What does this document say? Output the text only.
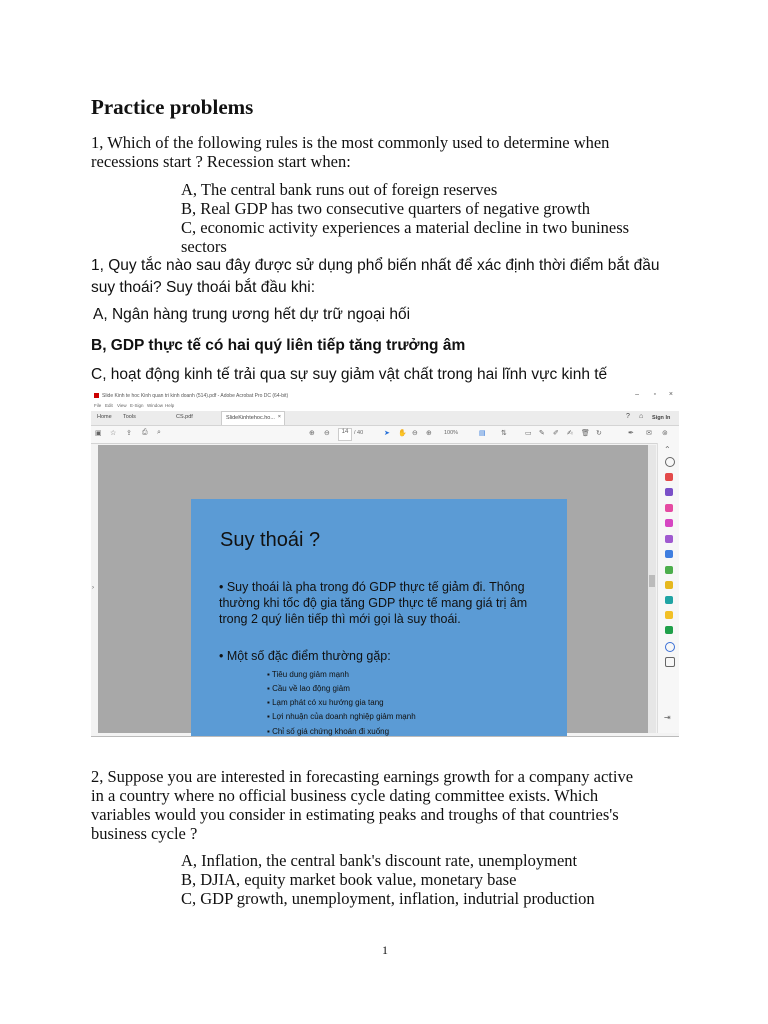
Practice problems
1, Which of the following rules is the most commonly used to determine when
recessions start ? Recession start when:
A, The central bank runs out of foreign reserves
B, Real GDP has two consecutive quarters of negative growth
C, economic activity experiences a material decline in two buniness
sectors
1, Quy tắc nào sau đây được sử dụng phổ biến nhất để xác định thời điểm bắt đầu
suy thoái? Suy thoái bắt đầu khi:
A, Ngân hàng trung ương hết dự trữ ngoại hối
B, GDP thực tế có hai quý liên tiếp tăng trưởng âm
C, hoạt động kinh tế trải qua sự suy giảm vật chất trong hai lĩnh vực kinh tế
Slide Kinh te hoc Kinh quan tri kinh doanh (514).pdf - Adobe Acrobat Pro DC (64-bit)	– ▫ ×
File Edit View E-Sign Window Help
Home Tools	CS.pdf	SlideKinhtehoc.ho... ×	? ⌂ Sign In
▣ ☆ ⇪ ⎙ ⌕	⊕ ⊖	14	/ 40	➤ ✋ ⊖ ⊕ 100%	▤ ⇅	▭ ✎ ✐ ✍ 🗑 ↻	✒ ✉ ⊚
›
Suy thoái ?
• Suy thoái là pha trong đó GDP thực tế giảm đi. Thông thường khi tốc độ gia tăng GDP thực tế mang giá trị âm trong 2 quý liên tiếp thì mới gọi là suy thoái.
• Một số đặc điểm thường gặp:
▪ Tiêu dung giảm mạnh
▪ Cầu về lao động giảm
▪ Lạm phát có xu hướng gia tang
▪ Lợi nhuận của doanh nghiệp giảm mạnh
▪ Chỉ số giá chứng khoán đi xuống
⌃
⇥
2, Suppose you are interested in forecasting earnings growth for a company active
in a country where no official business cycle dating committee exists. Which
variables would you consider in estimating peaks and troughs of that countries's
business cycle ?
A, Inflation, the central bank's discount rate, unemployment
B, DJIA, equity market book value, monetary base
C, GDP growth, unemployment, inflation, indutrial production
1
